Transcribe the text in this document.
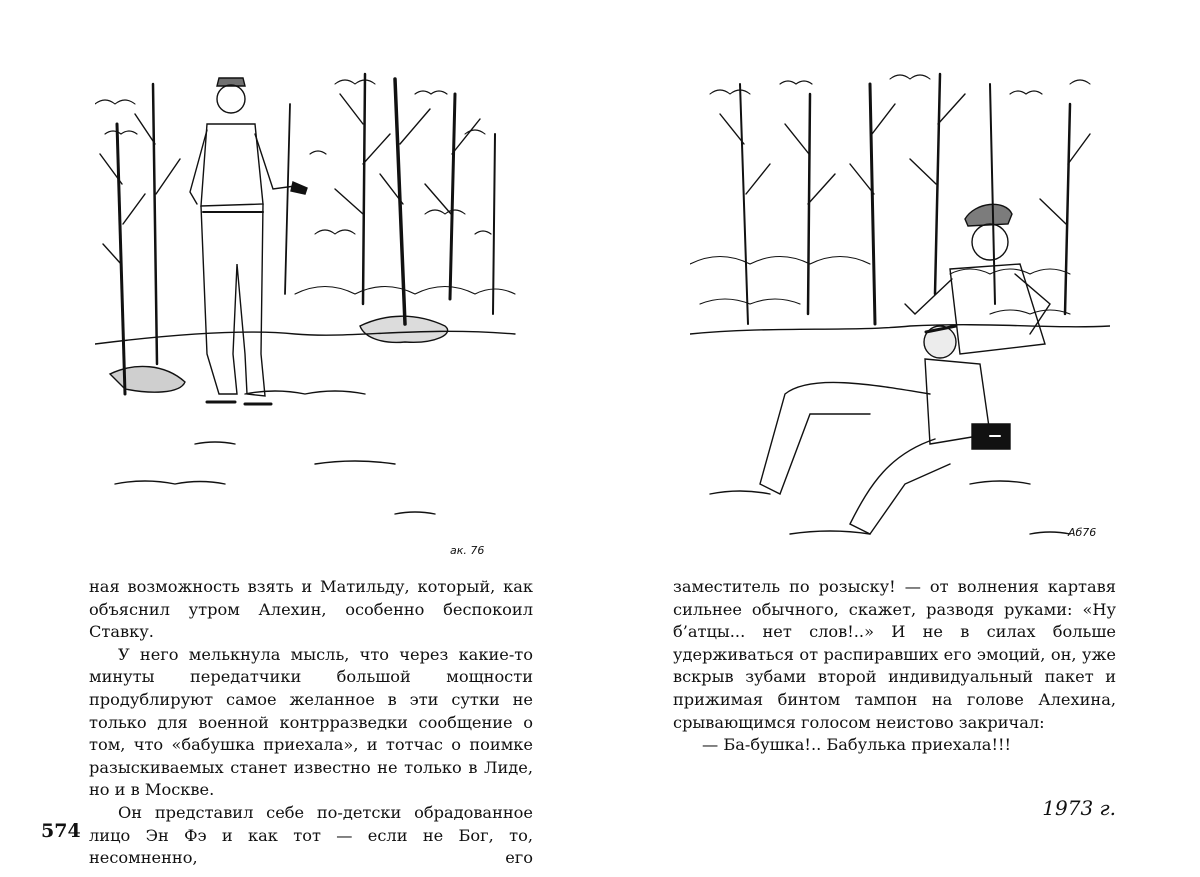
ак. 76
Аб76

ная возможность взять и Матильду, который, как объяснил утром Алехин, особенно беспокоил Ставку.

У него мелькнула мысль, что через какие-то минуты передатчики большой мощности продублируют самое желанное в эти сутки не только для военной контрразведки сообщение о том, что «бабушка приехала», и тотчас о поимке разыскиваемых станет известно не только в Лиде, но и в Москве.

Он представил себе по-детски обрадованное лицо Эн Фэ и как тот — если не Бог, то, несомненно, его

заместитель по розыску! — от волнения картавя сильнее обычного, скажет, разводя руками: «Ну б’атцы... нет слов!..» И не в силах больше удерживаться от распиравших его эмоций, он, уже вскрыв зубами второй индивидуальный пакет и прижимая бинтом тампон на голове Алехина, срывающимся голосом неистово закричал:

— Ба-бушка!.. Бабулька приехала!!!

1973 г.
574
